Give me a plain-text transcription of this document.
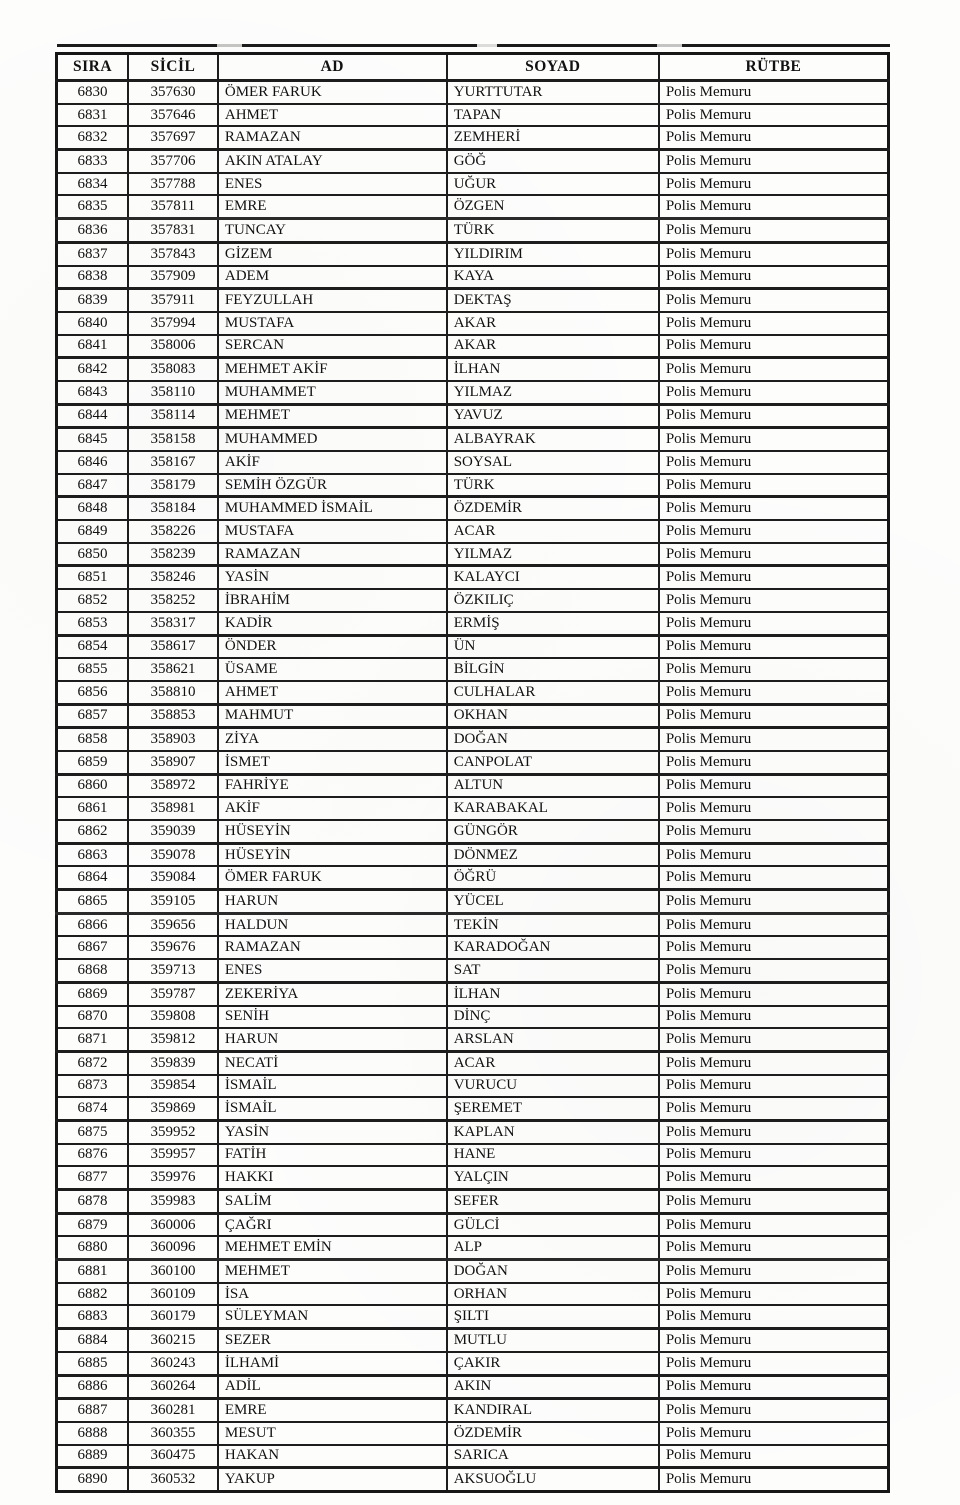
SIRA	SİCİL	AD	SOYAD	RÜTBE
6830	357630	ÖMER FARUK	YURTTUTAR	Polis Memuru
6831	357646	AHMET	TAPAN	Polis Memuru
6832	357697	RAMAZAN	ZEMHERİ	Polis Memuru
6833	357706	AKIN ATALAY	GÖĞ	Polis Memuru
6834	357788	ENES	UĞUR	Polis Memuru
6835	357811	EMRE	ÖZGEN	Polis Memuru
6836	357831	TUNCAY	TÜRK	Polis Memuru
6837	357843	GİZEM	YILDIRIM	Polis Memuru
6838	357909	ADEM	KAYA	Polis Memuru
6839	357911	FEYZULLAH	DEKTAŞ	Polis Memuru
6840	357994	MUSTAFA	AKAR	Polis Memuru
6841	358006	SERCAN	AKAR	Polis Memuru
6842	358083	MEHMET AKİF	İLHAN	Polis Memuru
6843	358110	MUHAMMET	YILMAZ	Polis Memuru
6844	358114	MEHMET	YAVUZ	Polis Memuru
6845	358158	MUHAMMED	ALBAYRAK	Polis Memuru
6846	358167	AKİF	SOYSAL	Polis Memuru
6847	358179	SEMİH ÖZGÜR	TÜRK	Polis Memuru
6848	358184	MUHAMMED İSMAİL	ÖZDEMİR	Polis Memuru
6849	358226	MUSTAFA	ACAR	Polis Memuru
6850	358239	RAMAZAN	YILMAZ	Polis Memuru
6851	358246	YASİN	KALAYCI	Polis Memuru
6852	358252	İBRAHİM	ÖZKILIÇ	Polis Memuru
6853	358317	KADİR	ERMİŞ	Polis Memuru
6854	358617	ÖNDER	ÜN	Polis Memuru
6855	358621	ÜSAME	BİLGİN	Polis Memuru
6856	358810	AHMET	CULHALAR	Polis Memuru
6857	358853	MAHMUT	OKHAN	Polis Memuru
6858	358903	ZİYA	DOĞAN	Polis Memuru
6859	358907	İSMET	CANPOLAT	Polis Memuru
6860	358972	FAHRİYE	ALTUN	Polis Memuru
6861	358981	AKİF	KARABAKAL	Polis Memuru
6862	359039	HÜSEYİN	GÜNGÖR	Polis Memuru
6863	359078	HÜSEYİN	DÖNMEZ	Polis Memuru
6864	359084	ÖMER FARUK	ÖĞRÜ	Polis Memuru
6865	359105	HARUN	YÜCEL	Polis Memuru
6866	359656	HALDUN	TEKİN	Polis Memuru
6867	359676	RAMAZAN	KARADOĞAN	Polis Memuru
6868	359713	ENES	SAT	Polis Memuru
6869	359787	ZEKERİYA	İLHAN	Polis Memuru
6870	359808	SENİH	DİNÇ	Polis Memuru
6871	359812	HARUN	ARSLAN	Polis Memuru
6872	359839	NECATİ	ACAR	Polis Memuru
6873	359854	İSMAİL	VURUCU	Polis Memuru
6874	359869	İSMAİL	ŞEREMET	Polis Memuru
6875	359952	YASİN	KAPLAN	Polis Memuru
6876	359957	FATİH	HANE	Polis Memuru
6877	359976	HAKKI	YALÇIN	Polis Memuru
6878	359983	SALİM	SEFER	Polis Memuru
6879	360006	ÇAĞRI	GÜLCİ	Polis Memuru
6880	360096	MEHMET EMİN	ALP	Polis Memuru
6881	360100	MEHMET	DOĞAN	Polis Memuru
6882	360109	İSA	ORHAN	Polis Memuru
6883	360179	SÜLEYMAN	ŞILTI	Polis Memuru
6884	360215	SEZER	MUTLU	Polis Memuru
6885	360243	İLHAMİ	ÇAKIR	Polis Memuru
6886	360264	ADİL	AKIN	Polis Memuru
6887	360281	EMRE	KANDIRAL	Polis Memuru
6888	360355	MESUT	ÖZDEMİR	Polis Memuru
6889	360475	HAKAN	SARICA	Polis Memuru
6890	360532	YAKUP	AKSUOĞLU	Polis Memuru
